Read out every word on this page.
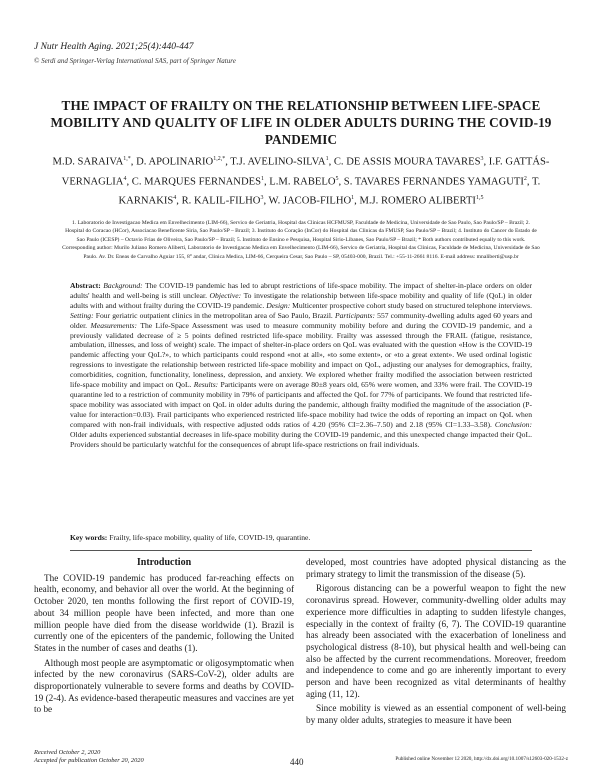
J Nutr Health Aging. 2021;25(4):440-447
© Serdi and Springer-Verlag International SAS, part of Springer Nature
THE IMPACT OF FRAILTY ON THE RELATIONSHIP BETWEEN LIFE-SPACE MOBILITY AND QUALITY OF LIFE IN OLDER ADULTS DURING THE COVID-19 PANDEMIC
M.D. $SARAIVA^{1,*}$, D. $APOLINARIO^{1,2,*}$, T.J. AVELINO-SILVA$^1$, C. DE ASSIS MOURA TAVARES$^3$, I.F. GATTÁS-VERNAGLIA$^4$, C. MARQUES FERNANDES$^1$, L.M. RABELO$^5$, S. TAVARES FERNANDES YAMAGUTI$^2$, T. KARNAKIS$^4$, R. KALIL-FILHO$^3$, W. JACOB-FILHO$^1$, M.J. ROMERO ALIBERTI$^{1,5}$
1. Laboratorio de Investigacao Medica em Envelhecimento (LIM-66), Servico de Geriatria, Hospital das Clinicas HCFMUSP, Faculdade de Medicina, Universidade de Sao Paulo, Sao Paulo/SP – Brazil; 2. Hospital do Coracao (HCor), Associacao Beneficente Siria, Sao Paulo/SP – Brazil; 3. Instituto do Coração (InCor) do Hospital das Clinicas da FMUSP, Sao Paulo/SP – Brazil; 4. Instituto do Cancer do Estado de Sao Paulo (ICESP) – Octavio Frias de Oliveira, Sao Paulo/SP – Brazil; 5. Instituto de Ensino e Pesquisa, Hospital Sirio-Libanes, Sao Paulo/SP – Brazil; * Both authors contributed equally to this work. Corresponding author: Murilo Juliano Romero Aliberti, Laboratorio de Investigacao Medica em Envelhecimento (LIM-66), Servico de Geriatria, Hospital das Clinicas, Faculdade de Medicina, Universidade de Sao Paulo. Av. Dr. Eneas de Carvalho Aguiar 155, 8° andar, Clinica Medica, LIM-66, Cerqueira Cesar, Sao Paulo – SP, 05403-000, Brazil. Tel.: +55-11-2661 8116. E-mail address: mnaliberti@usp.br
Abstract: Background: The COVID-19 pandemic has led to abrupt restrictions of life-space mobility. The impact of shelter-in-place orders on older adults' health and well-being is still unclear. Objective: To investigate the relationship between life-space mobility and quality of life (QoL) in older adults with and without frailty during the COVID-19 pandemic. Design: Multicenter prospective cohort study based on structured telephone interviews. Setting: Four geriatric outpatient clinics in the metropolitan area of Sao Paulo, Brazil. Participants: 557 community-dwelling adults aged 60 years and older. Measurements: The Life-Space Assessment was used to measure community mobility before and during the COVID-19 pandemic, and a previously validated decrease of ≥ 5 points defined restricted life-space mobility. Frailty was assessed through the FRAIL (fatigue, resistance, ambulation, illnesses, and loss of weight) scale. The impact of shelter-in-place orders on QoL was evaluated with the question «How is the COVID-19 pandemic affecting your QoL?», to which participants could respond «not at all», «to some extent», or «to a great extent». We used ordinal logistic regressions to investigate the relationship between restricted life-space mobility and impact on QoL, adjusting our analyses for demographics, frailty, comorbidities, cognition, functionality, loneliness, depression, and anxiety. We explored whether frailty modified the association between restricted life-space mobility and impact on QoL. Results: Participants were on average 80±8 years old, 65% were women, and 33% were frail. The COVID-19 quarantine led to a restriction of community mobility in 79% of participants and affected the QoL for 77% of participants. We found that restricted life-space mobility was associated with impact on QoL in older adults during the pandemic, although frailty modified the magnitude of the association (P-value for interaction=0.03). Frail participants who experienced restricted life-space mobility had twice the odds of reporting an impact on QoL when compared with non-frail individuals, with respective adjusted odds ratios of 4.20 (95% CI=2.36–7.50) and 2.18 (95% CI=1.33–3.58). Conclusion: Older adults experienced substantial decreases in life-space mobility during the COVID-19 pandemic, and this unexpected change impacted their QoL. Providers should be particularly watchful for the consequences of abrupt life-space restrictions on frail individuals.
Key words: Frailty, life-space mobility, quality of life, COVID-19, quarantine.
Introduction

The COVID-19 pandemic has produced far-reaching effects on health, economy, and behavior all over the world. At the beginning of October 2020, ten months following the first report of COVID-19, about 34 million people have been infected, and more than one million people have died from the disease worldwide (1). Brazil is currently one of the epicenters of the pandemic, following the United States in the number of cases and deaths (1).

Although most people are asymptomatic or oligosymptomatic when infected by the new coronavirus (SARS-CoV-2), older adults are disproportionately vulnerable to severe forms and deaths by COVID-19 (2-4). As evidence-based therapeutic measures and vaccines are yet to be

developed, most countries have adopted physical distancing as the primary strategy to limit the transmission of the disease (5).

Rigorous distancing can be a powerful weapon to fight the new coronavirus spread. However, community-dwelling older adults may experience more difficulties in adapting to sudden lifestyle changes, especially in the context of frailty (6, 7). The COVID-19 quarantine has already been associated with the exacerbation of loneliness and psychological distress (8-10), but physical health and well-being can also be affected by the current recommendations. Moreover, freedom and independence to come and go are inherently important to every person and have been recognized as vital determinants of healthy aging (11, 12).

Since mobility is viewed as an essential component of well-being by many older adults, strategies to measure it have been

Received October 2, 2020
Accepted for publication October 20, 2020	440	Published online November 12 2020, http://dx.doi.org/10.1007/s12603-020-1532-z
